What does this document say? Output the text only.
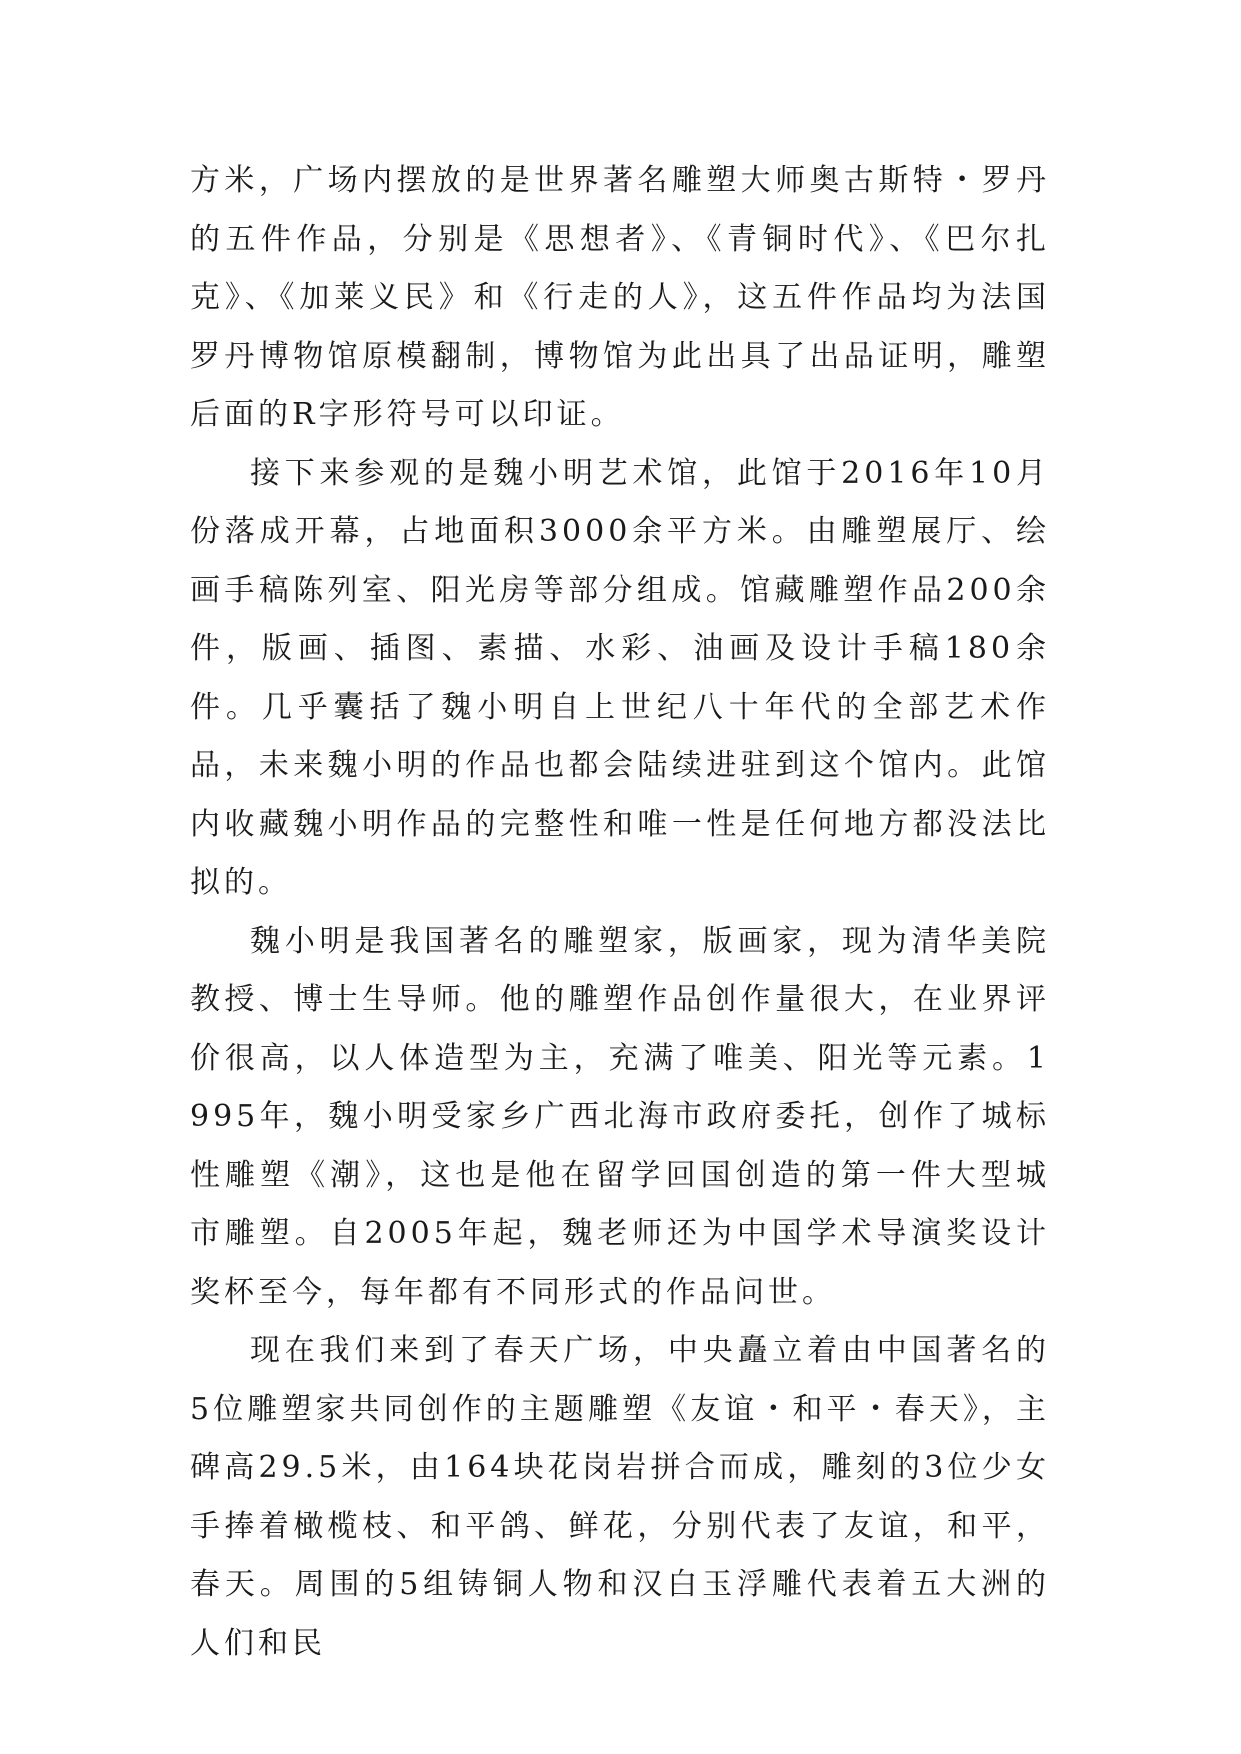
方米，广场内摆放的是世界著名雕塑大师奥古斯特・罗丹的五件作品，分别是《思想者》、《青铜时代》、《巴尔扎克》、《加莱义民》和《行走的人》，这五件作品均为法国罗丹博物馆原模翻制，博物馆为此出具了出品证明，雕塑后面的R字形符号可以印证。

接下来参观的是魏小明艺术馆，此馆于2016年10月份落成开幕，占地面积3000余平方米。由雕塑展厅、绘画手稿陈列室、阳光房等部分组成。馆藏雕塑作品200余件，版画、插图、素描、水彩、油画及设计手稿180余件。几乎囊括了魏小明自上世纪八十年代的全部艺术作品，未来魏小明的作品也都会陆续进驻到这个馆内。此馆内收藏魏小明作品的完整性和唯一性是任何地方都没法比拟的。

魏小明是我国著名的雕塑家，版画家，现为清华美院教授、博士生导师。他的雕塑作品创作量很大，在业界评价很高，以人体造型为主，充满了唯美、阳光等元素。1995年，魏小明受家乡广西北海市政府委托，创作了城标性雕塑《潮》，这也是他在留学回国创造的第一件大型城市雕塑。自2005年起，魏老师还为中国学术导演奖设计奖杯至今，每年都有不同形式的作品问世。

现在我们来到了春天广场，中央矗立着由中国著名的5位雕塑家共同创作的主题雕塑《友谊・和平・春天》，主碑高29.5米，由164块花岗岩拼合而成，雕刻的3位少女手捧着橄榄枝、和平鸽、鲜花，分别代表了友谊，和平，春天。周围的5组铸铜人物和汉白玉浮雕代表着五大洲的人们和民
